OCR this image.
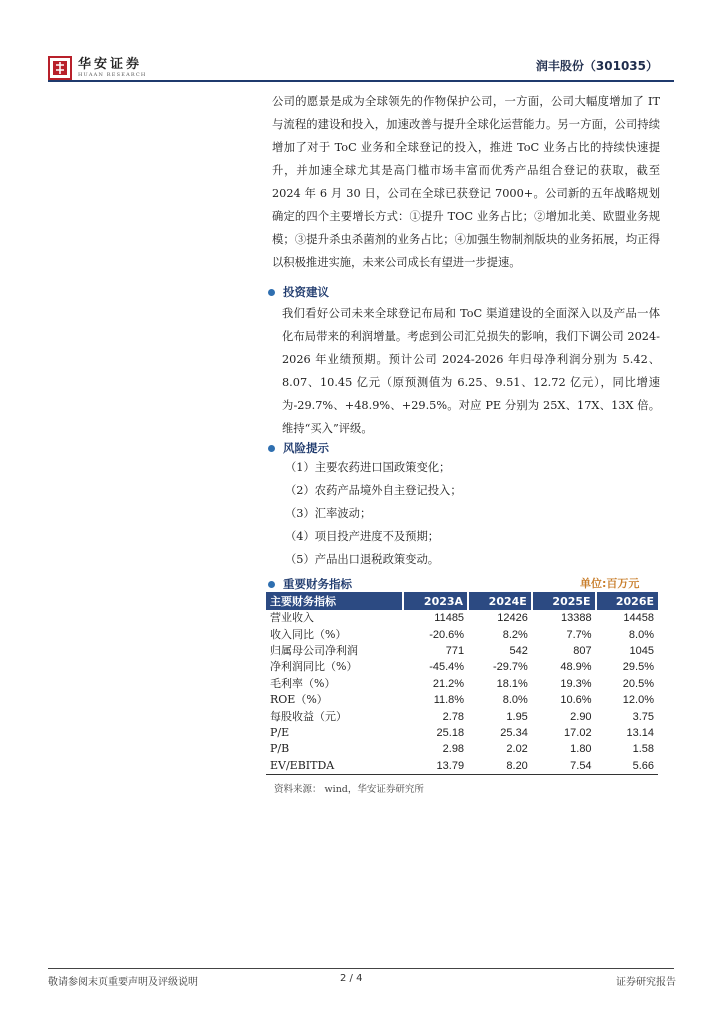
华安证券
HUAAN RESEARCH
润丰股份（301035）
公司的愿景是成为全球领先的作物保护公司，一方面，公司大幅度增加了 IT 与流程的建设和投入，加速改善与提升全球化运营能力。另一方面，公司持续增加了对于 ToC 业务和全球登记的投入，推进 ToC 业务占比的持续快速提升，并加速全球尤其是高门槛市场丰富而优秀产品组合登记的获取，截至 2024 年 6 月 30 日，公司在全球已获登记 7000+。公司新的五年战略规划确定的四个主要增长方式：①提升 TOC 业务占比；②增加北美、欧盟业务规模；③提升杀虫杀菌剂的业务占比；④加强生物制剂版块的业务拓展，均正得以积极推进实施，未来公司成长有望进一步提速。
投资建议
我们看好公司未来全球登记布局和 ToC 渠道建设的全面深入以及产品一体化布局带来的利润增量。考虑到公司汇兑损失的影响，我们下调公司 2024-2026 年业绩预期。预计公司 2024-2026 年归母净利润分别为 5.42、8.07、10.45 亿元（原预测值为 6.25、9.51、12.72 亿元），同比增速为-29.7%、+48.9%、+29.5%。对应 PE 分别为 25X、17X、13X 倍。维持“买入”评级。
风险提示
（1）主要农药进口国政策变化；
（2）农药产品境外自主登记投入；
（3）汇率波动；
（4）项目投产进度不及预期；
（5）产品出口退税政策变动。
重要财务指标	单位:百万元
主要财务指标	2023A	2024E	2025E	2026E
营业收入	11485	12426	13388	14458
收入同比（%）	-20.6%	8.2%	7.7%	8.0%
归属母公司净利润	771	542	807	1045
净利润同比（%）	-45.4%	-29.7%	48.9%	29.5%
毛利率（%）	21.2%	18.1%	19.3%	20.5%
ROE（%）	11.8%	8.0%	10.6%	12.0%
每股收益（元）	2.78	1.95	2.90	3.75
P/E	25.18	25.34	17.02	13.14
P/B	2.98	2.02	1.80	1.58
EV/EBITDA	13.79	8.20	7.54	5.66
资料来源： wind，华安证券研究所
敬请参阅末页重要声明及评级说明	2 / 4	证券研究报告
